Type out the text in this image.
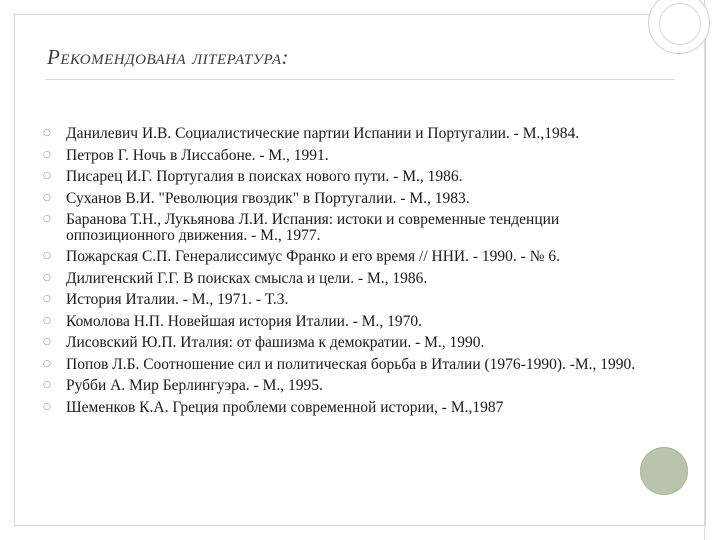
Рекомендована література:
○ Данилевич И.В. Социалистические партии Испании и Португалии. - М.,1984.
○ Петров Г. Ночь в Лиссабоне. - М., 1991.
○ Писарец И.Г. Португалия в поисках нового пути. - М., 1986.
○ Суханов В.И. "Революция гвоздик" в Португалии. - М., 1983.
○ Баранова Т.Н., Лукьянова Л.И. Испания: истоки и современные тенденции оппозиционного движения. - М., 1977.
○ Пожарская С.П. Генералиссимус Франко и его время // ННИ. - 1990. - № 6.
○ Дилигенский Г.Г. В поисках смысла и цели. - М., 1986.
○ История Италии. - М., 1971. - Т.3.
○ Комолова Н.П. Новейшая история Италии. - М., 1970.
○ Лисовский Ю.П. Италия: от фашизма к демократии. - М., 1990.
○ Попов Л.Б. Соотношение сил и политическая борьба в Италии (1976-1990). -М., 1990.
○ Рубби А. Мир Берлингуэра. - М., 1995.
○ Шеменков К.А. Греция проблеми современной истории, - М.,1987
